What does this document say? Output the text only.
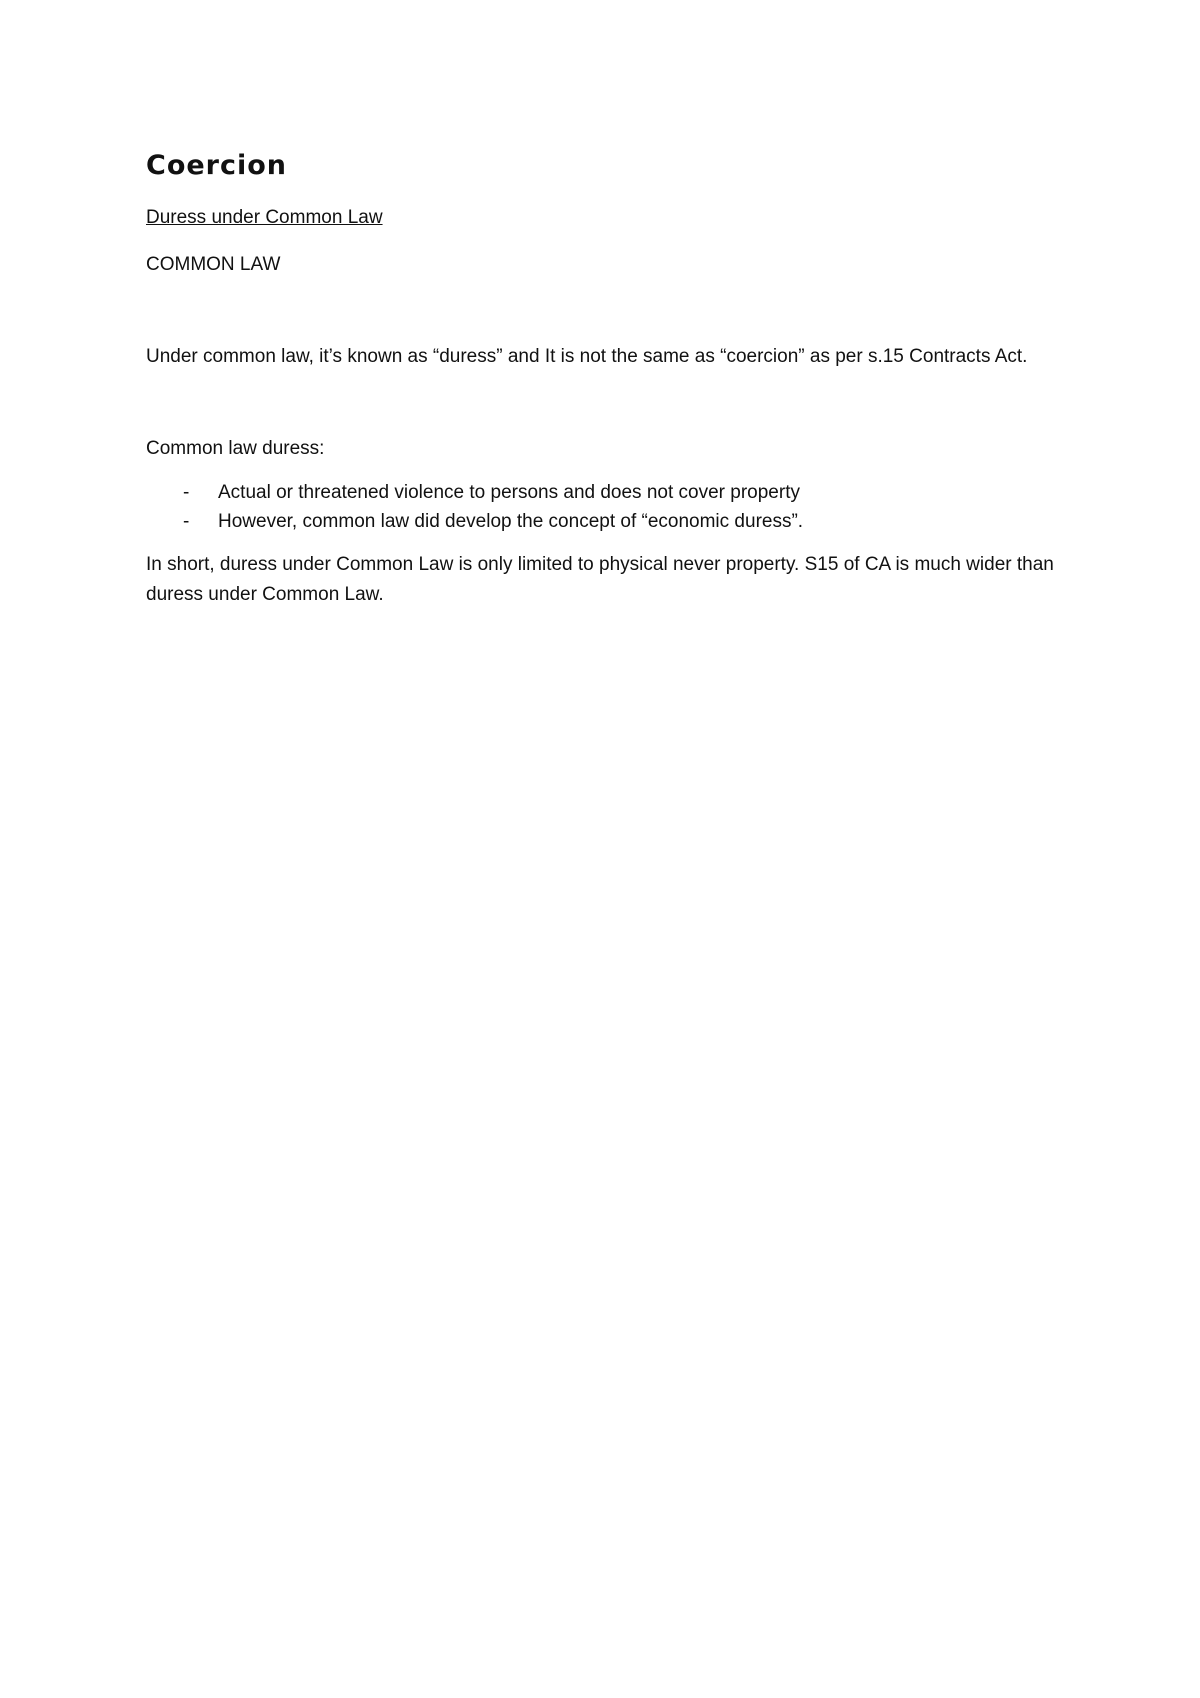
Coercion

Duress under Common Law

COMMON LAW

Under common law, it’s known as “duress” and It is not the same as “coercion” as per s.15 Contracts Act.

Common law duress:

-	Actual or threatened violence to persons and does not cover property
-	However, common law did develop the concept of “economic duress”.

In short, duress under Common Law is only limited to physical never property. S15 of CA is much wider than duress under Common Law.
